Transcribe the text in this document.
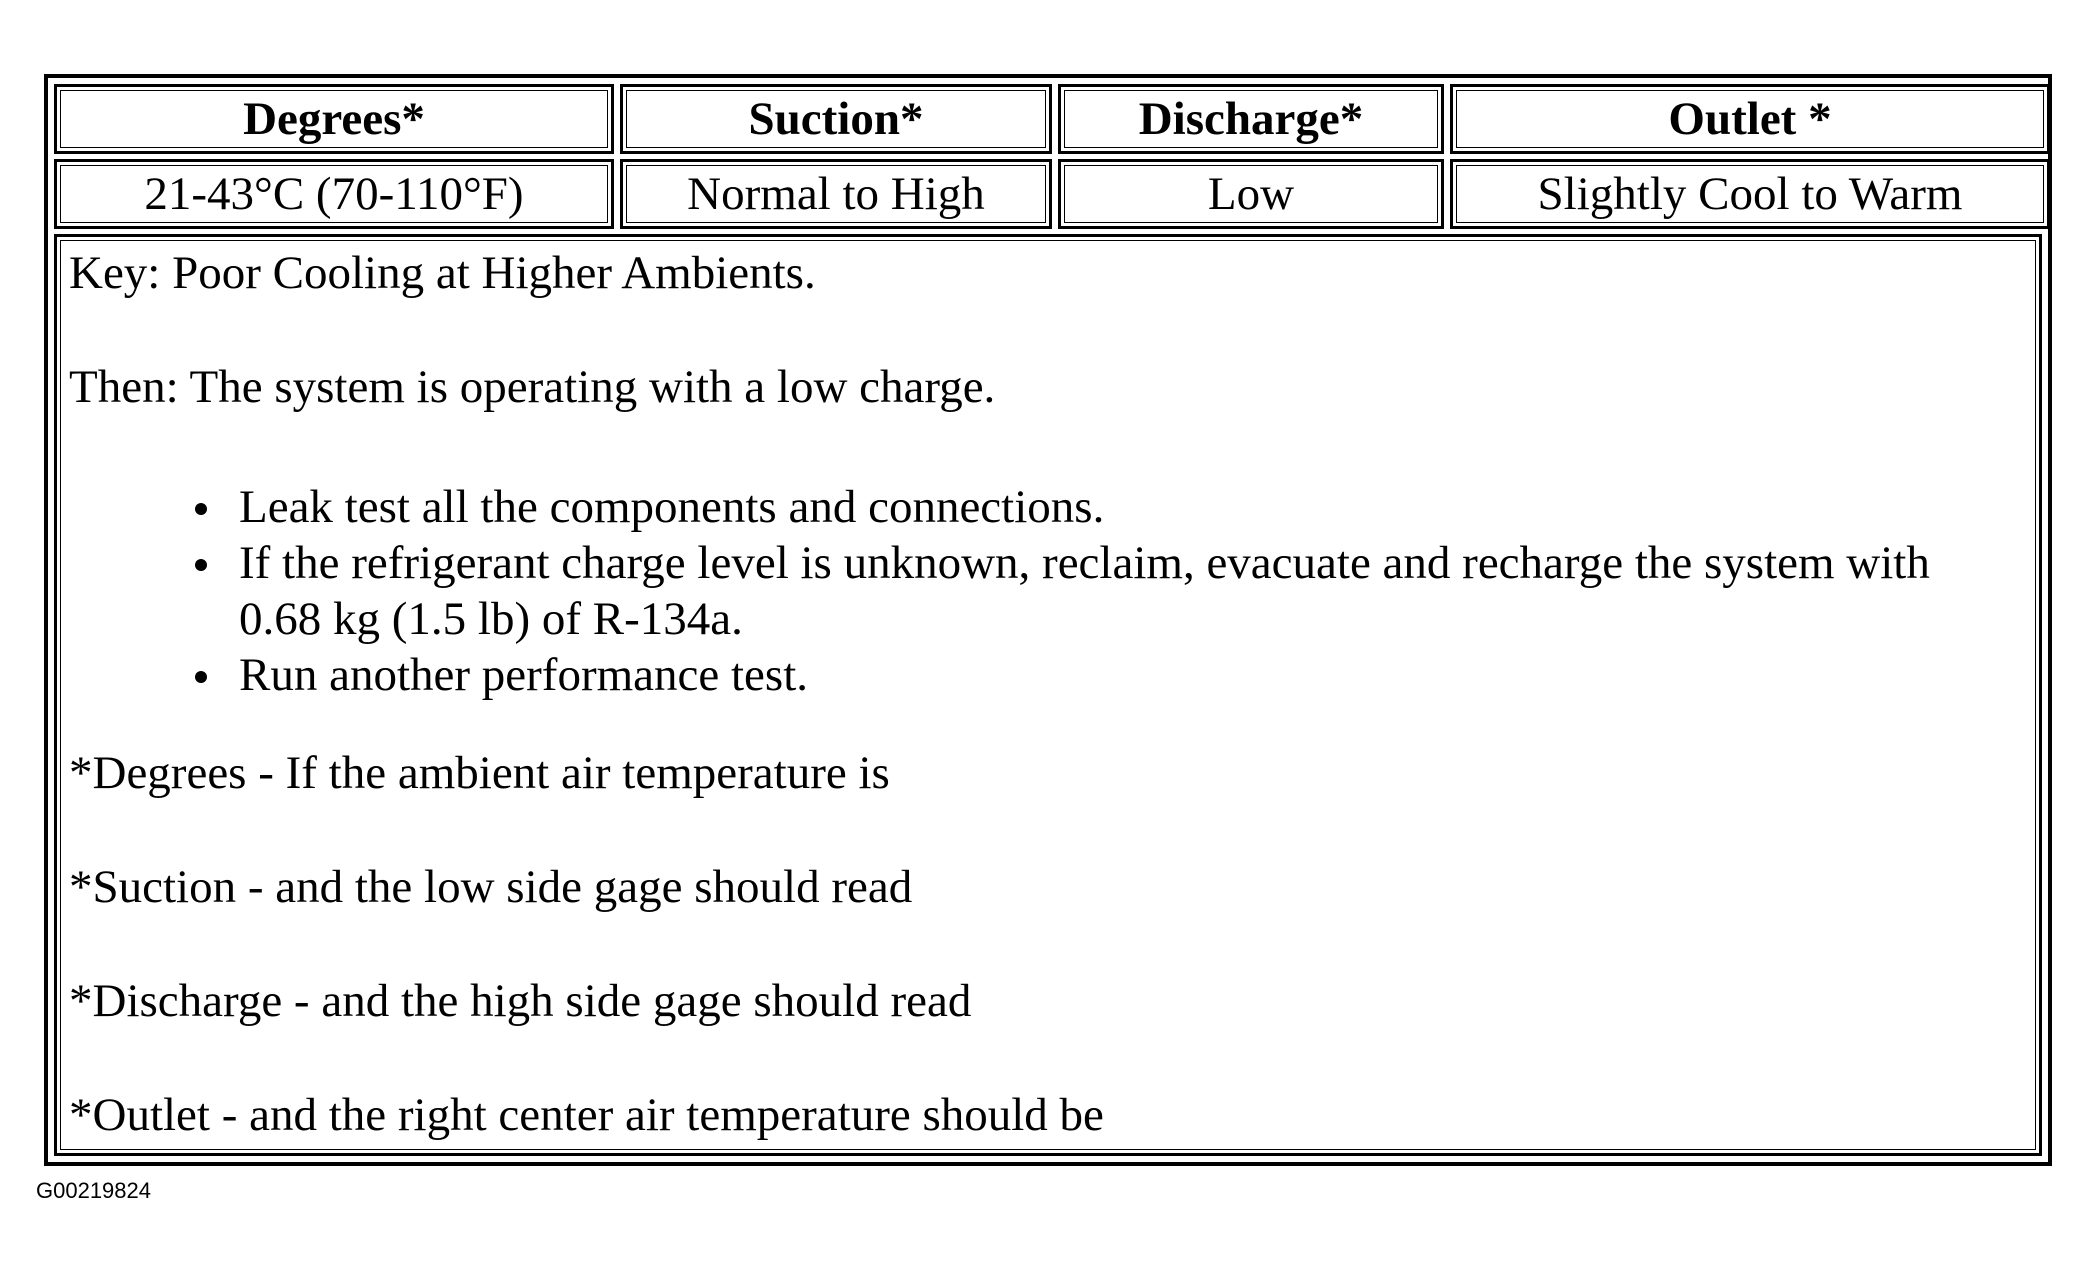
Degrees*	Suction*	Discharge*	Outlet *
21-43°C (70-110°F)	Normal to High	Low	Slightly Cool to Warm
Key: Poor Cooling at Higher Ambients.
Then: The system is operating with a low charge.
Leak test all the components and connections.
If the refrigerant charge level is unknown, reclaim, evacuate and recharge the system with 0.68 kg (1.5 lb) of R-134a.
Run another performance test.
*Degrees - If the ambient air temperature is
*Suction - and the low side gage should read
*Discharge - and the high side gage should read
*Outlet - and the right center air temperature should be
G00219824
